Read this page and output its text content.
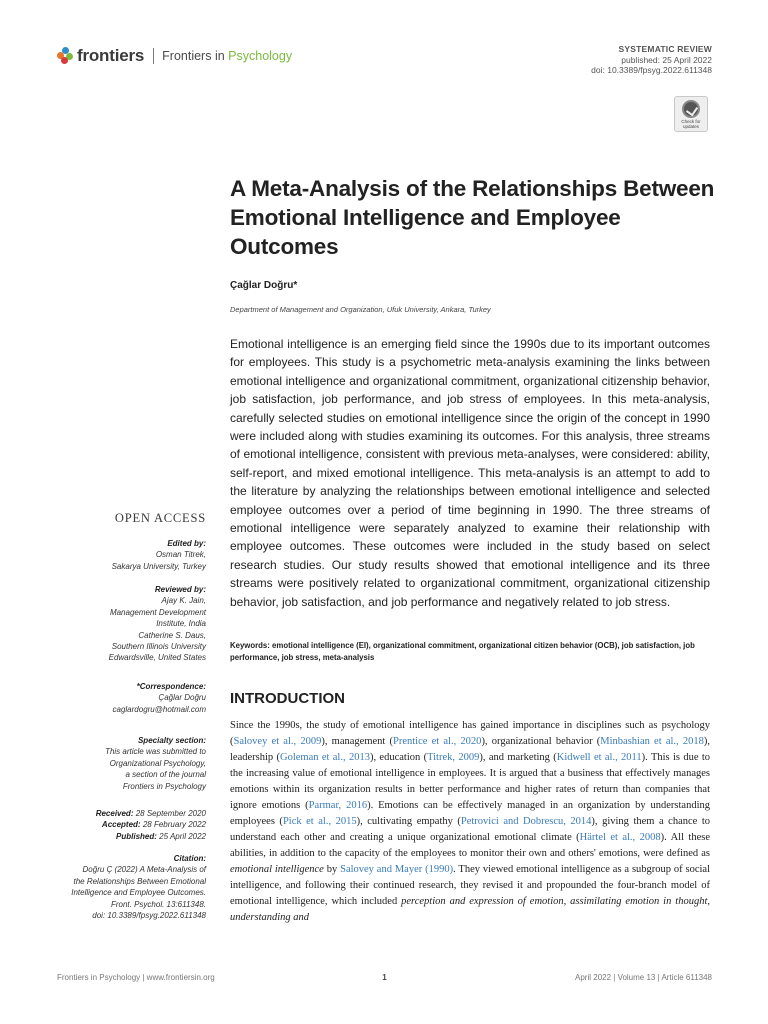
frontiers Frontiers in Psychology	SYSTEMATIC REVIEW
published: 25 April 2022
doi: 10.3389/fpsyg.2022.611348
Check for updates
A Meta-Analysis of the Relationships Between Emotional Intelligence and Employee Outcomes
Çağlar Doğru*
Department of Management and Organization, Ufuk University, Ankara, Turkey

Emotional intelligence is an emerging field since the 1990s due to its important outcomes for employees. This study is a psychometric meta-analysis examining the links between emotional intelligence and organizational commitment, organizational citizenship behavior, job satisfaction, job performance, and job stress of employees. In this meta-analysis, carefully selected studies on emotional intelligence since the origin of the concept in 1990 were included along with studies examining its outcomes. For this analysis, three streams of emotional intelligence, consistent with previous meta-analyses, were considered: ability, self-report, and mixed emotional intelligence. This meta-analysis is an attempt to add to the literature by analyzing the relationships between emotional intelligence and selected employee outcomes over a period of time beginning in 1990. The three streams of emotional intelligence were separately analyzed to examine their relationship with employee outcomes. These outcomes were included in the study based on select research studies. Our study results showed that emotional intelligence and its three streams were positively related to organizational commitment, organizational citizenship behavior, job satisfaction, and job performance and negatively related to job stress.

Keywords: emotional intelligence (EI), organizational commitment, organizational citizen behavior (OCB), job satisfaction, job performance, job stress, meta-analysis
INTRODUCTION

Since the 1990s, the study of emotional intelligence has gained importance in disciplines such as psychology (Salovey et al., 2009), management (Prentice et al., 2020), organizational behavior (Minbashian et al., 2018), leadership (Goleman et al., 2013), education (Titrek, 2009), and marketing (Kidwell et al., 2011). This is due to the increasing value of emotional intelligence in employees. It is argued that a business that effectively manages emotions within its organization results in better performance and higher rates of return than companies that ignore emotions (Parmar, 2016). Emotions can be effectively managed in an organization by understanding employees (Pick et al., 2015), cultivating empathy (Petrovici and Dobrescu, 2014), giving them a chance to understand each other and creating a unique organizational emotional climate (Härtel et al., 2008). All these abilities, in addition to the capacity of the employees to monitor their own and others' emotions, were defined as emotional intelligence by Salovey and Mayer (1990). They viewed emotional intelligence as a subgroup of social intelligence, and following their continued research, they revised it and propounded the four-branch model of emotional intelligence, which included perception and expression of emotion, assimilating emotion in thought, understanding and

OPEN ACCESS
Edited by:
Osman Titrek,
Sakarya University, Turkey
Reviewed by:
Ajay K. Jain,
Management Development
Institute, India
Catherine S. Daus,
Southern Illinois University
Edwardsville, United States
*Correspondence:
Çağlar Doğru
caglardogru@hotmail.com
Specialty section:
This article was submitted to
Organizational Psychology,
a section of the journal
Frontiers in Psychology
Received: 28 September 2020
Accepted: 28 February 2022
Published: 25 April 2022
Citation:
Doğru Ç (2022) A Meta-Analysis of
the Relationships Between Emotional
Intelligence and Employee Outcomes.
Front. Psychol. 13:611348.
doi: 10.3389/fpsyg.2022.611348
Frontiers in Psychology | www.frontiersin.org	1	April 2022 | Volume 13 | Article 611348
